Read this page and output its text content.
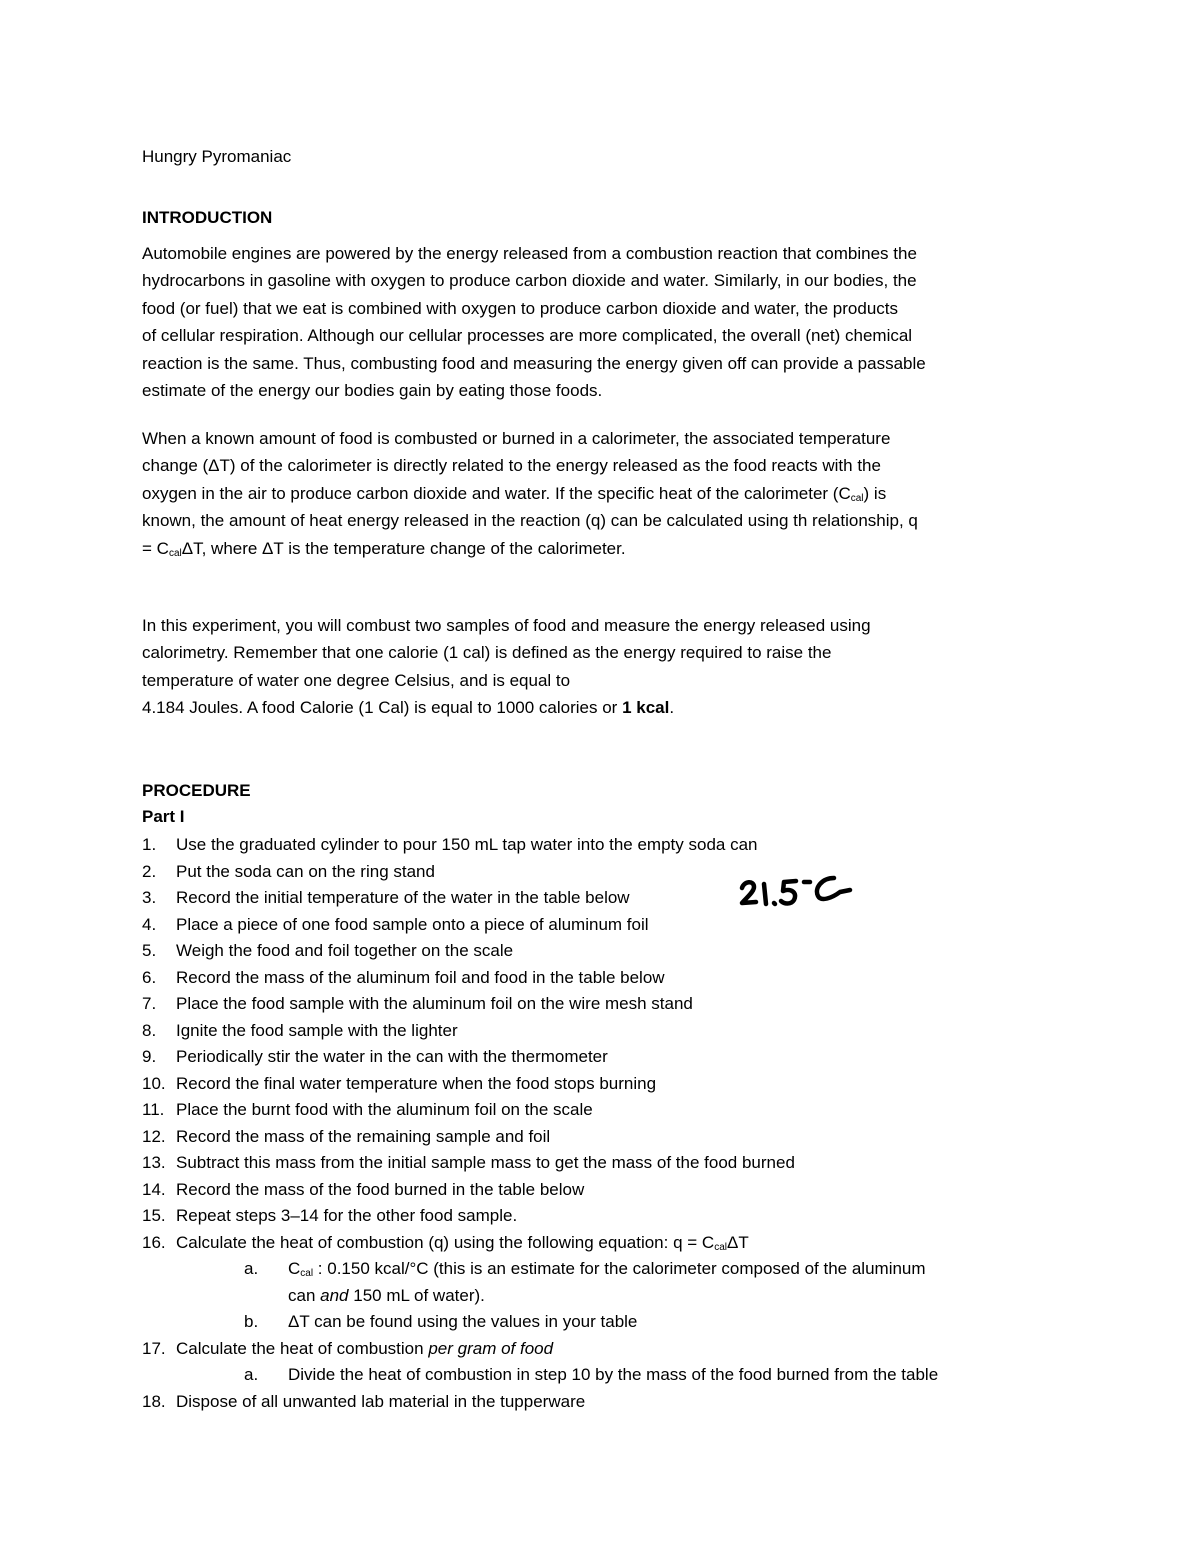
Hungry Pyromaniac
INTRODUCTION
Automobile engines are powered by the energy released from a combustion reaction that combines the
hydrocarbons in gasoline with oxygen to produce carbon dioxide and water. Similarly, in our bodies, the
food (or fuel) that we eat is combined with oxygen to produce carbon dioxide and water, the products
of cellular respiration. Although our cellular processes are more complicated, the overall (net) chemical
reaction is the same. Thus, combusting food and measuring the energy given off can provide a passable
estimate of the energy our bodies gain by eating those foods.
When a known amount of food is combusted or burned in a calorimeter, the associated temperature
change (ΔT) of the calorimeter is directly related to the energy released as the food reacts with the
oxygen in the air to produce carbon dioxide and water. If the specific heat of the calorimeter $(C_{cal})$ is
known, the amount of heat energy released in the reaction (q) can be calculated using th relationship, q
= $C_{cal}\Delta T$, where ΔT is the temperature change of the calorimeter.
In this experiment, you will combust two samples of food and measure the energy released using
calorimetry. Remember that one calorie (1 cal) is defined as the energy required to raise the
temperature of water one degree Celsius, and is equal to
4.184 Joules. A food Calorie (1 Cal) is equal to 1000 calories or 1 kcal.
PROCEDURE
Part I
1. Use the graduated cylinder to pour 150 mL tap water into the empty soda can
2. Put the soda can on the ring stand
3. Record the initial temperature of the water in the table below
4. Place a piece of one food sample onto a piece of aluminum foil
5. Weigh the food and foil together on the scale
6. Record the mass of the aluminum foil and food in the table below
7. Place the food sample with the aluminum foil on the wire mesh stand
8. Ignite the food sample with the lighter
9. Periodically stir the water in the can with the thermometer
10. Record the final water temperature when the food stops burning
11. Place the burnt food with the aluminum foil on the scale
12. Record the mass of the remaining sample and foil
13. Subtract this mass from the initial sample mass to get the mass of the food burned
14. Record the mass of the food burned in the table below
15. Repeat steps 3–14 for the other food sample.
16. Calculate the heat of combustion (q) using the following equation: $q = C_{cal}\Delta T$
a. $C_{cal}$ : 0.150 kcal/°C (this is an estimate for the calorimeter composed of the aluminum
can and 150 mL of water).
b. ΔT can be found using the values in your table
17. Calculate the heat of combustion per gram of food
a. Divide the heat of combustion in step 10 by the mass of the food burned from the table
18. Dispose of all unwanted lab material in the tupperware
